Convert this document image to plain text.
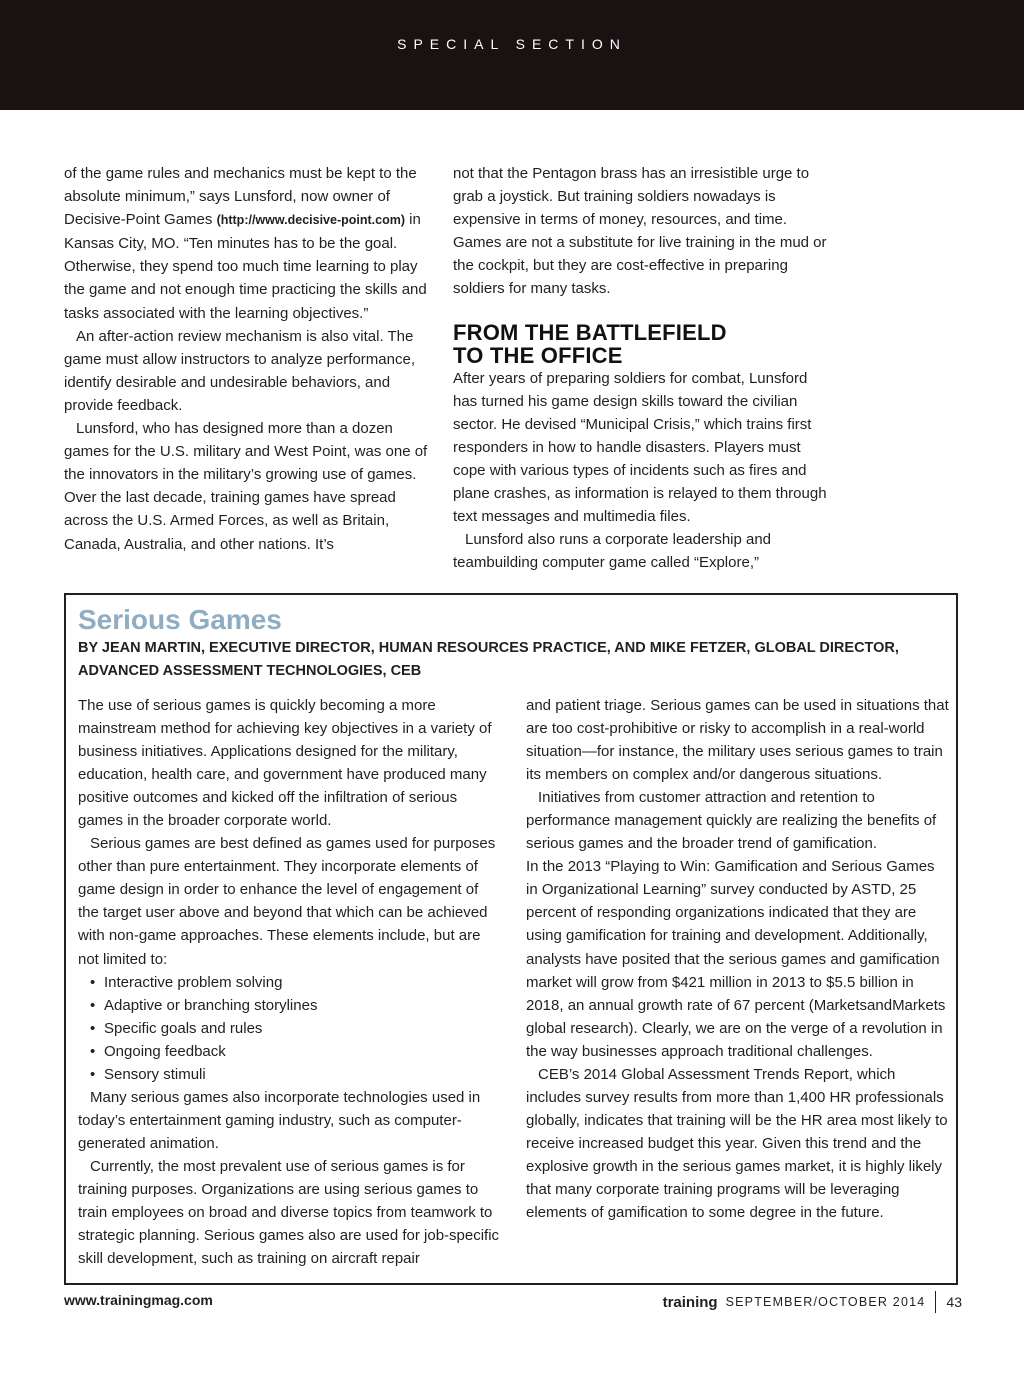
SPECIAL SECTION

of the game rules and mechanics must be kept to the absolute minimum,” says Lunsford, now owner of Decisive-Point Games (http://www.decisive-point.com) in Kansas City, MO. “Ten minutes has to be the goal. Otherwise, they spend too much time learning to play the game and not enough time practicing the skills and tasks associated with the learning objectives.”

An after-action review mechanism is also vital. The game must allow instructors to analyze performance, identify desirable and undesirable behaviors, and provide feedback.

Lunsford, who has designed more than a dozen games for the U.S. military and West Point, was one of the innovators in the military’s growing use of games. Over the last decade, training games have spread across the U.S. Armed Forces, as well as Britain, Canada, Australia, and other nations. It’s

not that the Pentagon brass has an irresistible urge to grab a joystick. But training soldiers nowadays is expensive in terms of money, resources, and time. Games are not a substitute for live training in the mud or the cockpit, but they are cost-effective in preparing soldiers for many tasks.

FROM THE BATTLEFIELD
TO THE OFFICE

After years of preparing soldiers for combat, Lunsford has turned his game design skills toward the civilian sector. He devised “Municipal Crisis,” which trains first responders in how to handle disasters. Players must cope with various types of incidents such as fires and plane crashes, as information is relayed to them through text messages and multimedia files.

Lunsford also runs a corporate leadership and teambuilding computer game called “Explore,”

Serious Games
BY JEAN MARTIN, EXECUTIVE DIRECTOR, HUMAN RESOURCES PRACTICE, AND MIKE FETZER, GLOBAL DIRECTOR, ADVANCED ASSESSMENT TECHNOLOGIES, CEB

The use of serious games is quickly becoming a more mainstream method for achieving key objectives in a variety of business initiatives. Applications designed for the military, education, health care, and government have produced many positive outcomes and kicked off the infiltration of serious games in the broader corporate world.

Serious games are best defined as games used for purposes other than pure entertainment. They incorporate elements of game design in order to enhance the level of engagement of the target user above and beyond that which can be achieved with non-game approaches. These elements include, but are not limited to:

• Interactive problem solving
• Adaptive or branching storylines
• Specific goals and rules
• Ongoing feedback
• Sensory stimuli

Many serious games also incorporate technologies used in today’s entertainment gaming industry, such as computer-generated animation.

Currently, the most prevalent use of serious games is for training purposes. Organizations are using serious games to train employees on broad and diverse topics from teamwork to strategic planning. Serious games also are used for job-specific skill development, such as training on aircraft repair

and patient triage. Serious games can be used in situations that are too cost-prohibitive or risky to accomplish in a real-world situation—for instance, the military uses serious games to train its members on complex and/or dangerous situations.

Initiatives from customer attraction and retention to performance management quickly are realizing the benefits of serious games and the broader trend of gamification.

In the 2013 “Playing to Win: Gamification and Serious Games in Organizational Learning” survey conducted by ASTD, 25 percent of responding organizations indicated that they are using gamification for training and development. Additionally, analysts have posited that the serious games and gamification market will grow from $421 million in 2013 to $5.5 billion in 2018, an annual growth rate of 67 percent (MarketsandMarkets global research). Clearly, we are on the verge of a revolution in the way businesses approach traditional challenges.

CEB’s 2014 Global Assessment Trends Report, which includes survey results from more than 1,400 HR professionals globally, indicates that training will be the HR area most likely to receive increased budget this year. Given this trend and the explosive growth in the serious games market, it is highly likely that many corporate training programs will be leveraging elements of gamification to some degree in the future.

www.trainingmag.com	training SEPTEMBER/OCTOBER 2014 43
